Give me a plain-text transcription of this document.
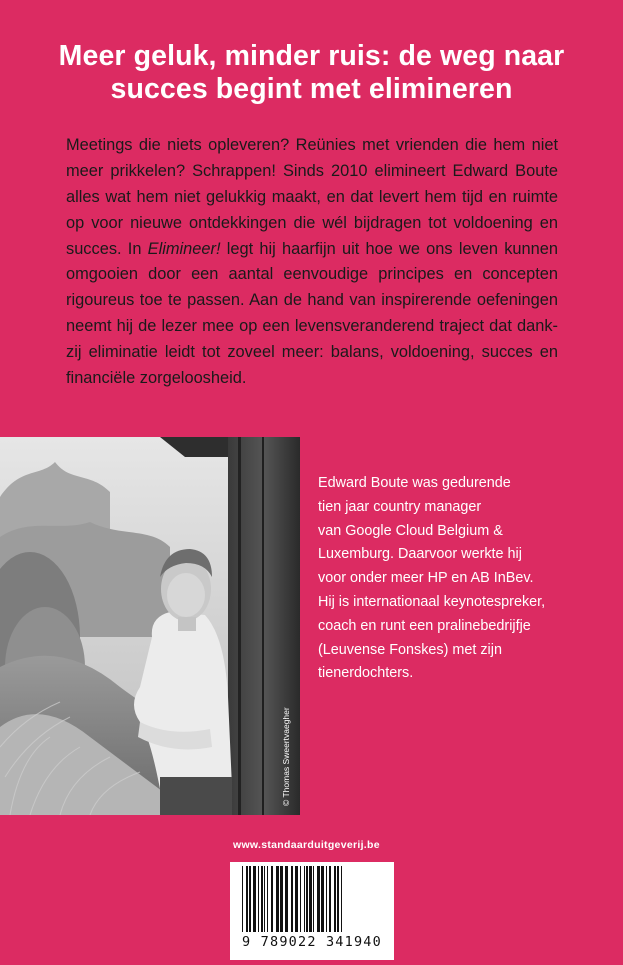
Meer geluk, minder ruis: de weg naar
succes begint met elimineren
Meetings die niets opleveren? Reünies met vrienden die hem niet
meer prikkelen? Schrappen! Sinds 2010 elimineert Edward Boute
alles wat hem niet gelukkig maakt, en dat levert hem tijd en ruimte
op voor nieuwe ontdekkingen die wél bijdragen tot voldoening en
succes. In Elimineer! legt hij haarfijn uit hoe we ons leven kunnen
omgooien door een aantal eenvoudige principes en concepten
rigoureus toe te passen. Aan de hand van inspirerende oefeningen
neemt hij de lezer mee op een levensveranderend traject dat dank-
zij eliminatie leidt tot zoveel meer: balans, voldoening, succes en
financiële zorgeloosheid.
© Thomas Sweertvaegher
Edward Boute was gedurende
tien jaar country manager
van Google Cloud Belgium &
Luxemburg. Daarvoor werkte hij
voor onder meer HP en AB InBev.
Hij is internationaal keynotespreker,
coach en runt een pralinebedrijfje
(Leuvense Fonskes) met zijn
tienerdochters.
www.standaarduitgeverij.be
9 789022 341940
